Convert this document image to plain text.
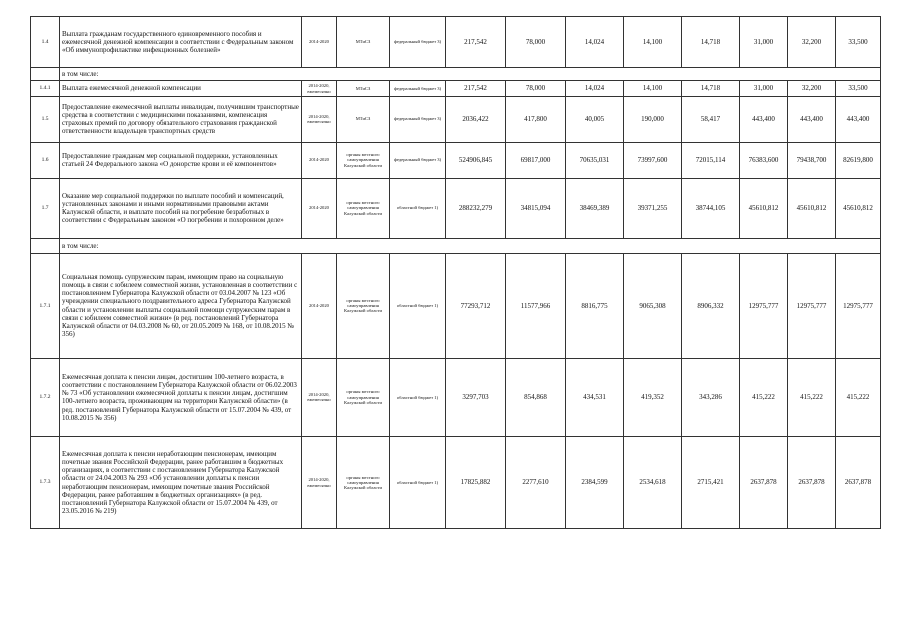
1.4	Выплата гражданам государственного единовременного пособия и ежемесячной денежной компенсации в соответствии с Федеральным законом «Об иммунопрофилактике инфекционных болезней»	2014-2020	МТиСЗ	федеральный бюджет 3)	217,542	78,000	14,024	14,100	14,718	31,000	32,200	33,500
	в том числе:											
1.4.1	Выплата ежемесячной денежной компенсации	2014-2020, ежемесячно	МТиСЗ	федеральный бюджет 3)	217,542	78,000	14,024	14,100	14,718	31,000	32,200	33,500
1.5	Предоставление ежемесячной выплаты инвалидам, получившим транспортные средства в соответствии с медицинскими показаниями, компенсация страховых премий по договору обязательного страхования гражданской ответственности владельцев транспортных средств	2014-2020, ежемесячно	МТиСЗ	федеральный бюджет 3)	2036,422	417,800	40,005	190,000	58,417	443,400	443,400	443,400
1.6	Предоставление гражданам мер социальной поддержки, установленных статьей 24 Федерального закона «О донорстве крови и её компонентов»	2014-2020	органы местного самоуправления Калужской области	федеральный бюджет 3)	524906,845	69817,000	70635,031	73997,600	72015,114	76383,600	79438,700	82619,800
1.7	Оказание мер социальной поддержки по выплате пособий и компенсаций, установленных законами и иными нормативными правовыми актами Калужской области, и выплате пособий на погребение безработных в соответствии с Федеральным законом «О погребении и похоронном деле»	2014-2020	органы местного самоуправления Калужской области	областной бюджет 1)	288232,279	34815,094	38469,389	39371,255	38744,105	45610,812	45610,812	45610,812
	в том числе:											
1.7.1	Социальная помощь супружеским парам, имеющим право на социальную помощь в связи с юбилеем совместной жизни, установленная в соответствии с постановлением Губернатора Калужской области от 03.04.2007 № 123 «Об учреждении специального поздравительного адреса Губернатора Калужской области и установлении выплаты социальной помощи супружеским парам в связи с юбилеем совместной жизни» (в ред. постановлений Губернатора Калужской области от 04.03.2008 № 60, от 20.05.2009 № 168, от 10.08.2015 № 356)	2014-2020	органы местного самоуправления Калужской области	областной бюджет 1)	77293,712	11577,966	8816,775	9065,308	8906,332	12975,777	12975,777	12975,777
1.7.2	Ежемесячная доплата к пенсии лицам, достигшим 100-летнего возраста, в соответствии с постановлением Губернатора Калужской области от 06.02.2003 № 73 «Об установлении ежемесячной доплаты к пенсии лицам, достигшим 100-летнего возраста, проживающим на территории Калужской области» (в ред. постановлений Губернатора Калужской области от 15.07.2004 № 439, от 10.08.2015 № 356)	2014-2020, ежемесячно	органы местного самоуправления Калужской области	областной бюджет 1)	3297,703	854,868	434,531	419,352	343,286	415,222	415,222	415,222
1.7.3	Ежемесячная доплата к пенсии неработающим пенсионерам, имеющим почетные звания Российской Федерации, ранее работавшим в бюджетных организациях, в соответствии с постановлением Губернатора Калужской области от 24.04.2003 № 293 «Об установлении доплаты к пенсии неработающим пенсионерам, имеющим почетные звания Российской Федерации, ранее работавшим в бюджетных организациях» (в ред. постановлений Губернатора Калужской области от 15.07.2004 № 439, от 23.05.2016 № 219)	2014-2020, ежемесячно	органы местного самоуправления Калужской области	областной бюджет 1)	17825,882	2277,610	2384,599	2534,618	2715,421	2637,878	2637,878	2637,878
